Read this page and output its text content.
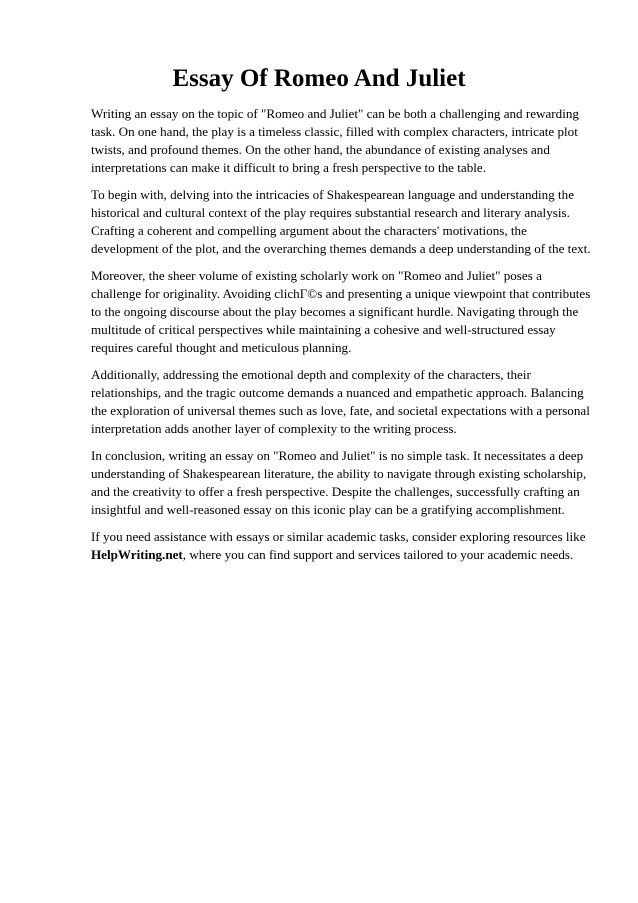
Essay Of Romeo And Juliet

Writing an essay on the topic of "Romeo and Juliet" can be both a challenging and rewarding task. On one hand, the play is a timeless classic, filled with complex characters, intricate plot twists, and profound themes. On the other hand, the abundance of existing analyses and interpretations can make it difficult to bring a fresh perspective to the table.

To begin with, delving into the intricacies of Shakespearean language and understanding the historical and cultural context of the play requires substantial research and literary analysis. Crafting a coherent and compelling argument about the characters' motivations, the development of the plot, and the overarching themes demands a deep understanding of the text.

Moreover, the sheer volume of existing scholarly work on "Romeo and Juliet" poses a challenge for originality. Avoiding clichГ©s and presenting a unique viewpoint that contributes to the ongoing discourse about the play becomes a significant hurdle. Navigating through the multitude of critical perspectives while maintaining a cohesive and well-structured essay requires careful thought and meticulous planning.

Additionally, addressing the emotional depth and complexity of the characters, their relationships, and the tragic outcome demands a nuanced and empathetic approach. Balancing the exploration of universal themes such as love, fate, and societal expectations with a personal interpretation adds another layer of complexity to the writing process.

In conclusion, writing an essay on "Romeo and Juliet" is no simple task. It necessitates a deep understanding of Shakespearean literature, the ability to navigate through existing scholarship, and the creativity to offer a fresh perspective. Despite the challenges, successfully crafting an insightful and well-reasoned essay on this iconic play can be a gratifying accomplishment.

If you need assistance with essays or similar academic tasks, consider exploring resources like HelpWriting.net, where you can find support and services tailored to your academic needs.
